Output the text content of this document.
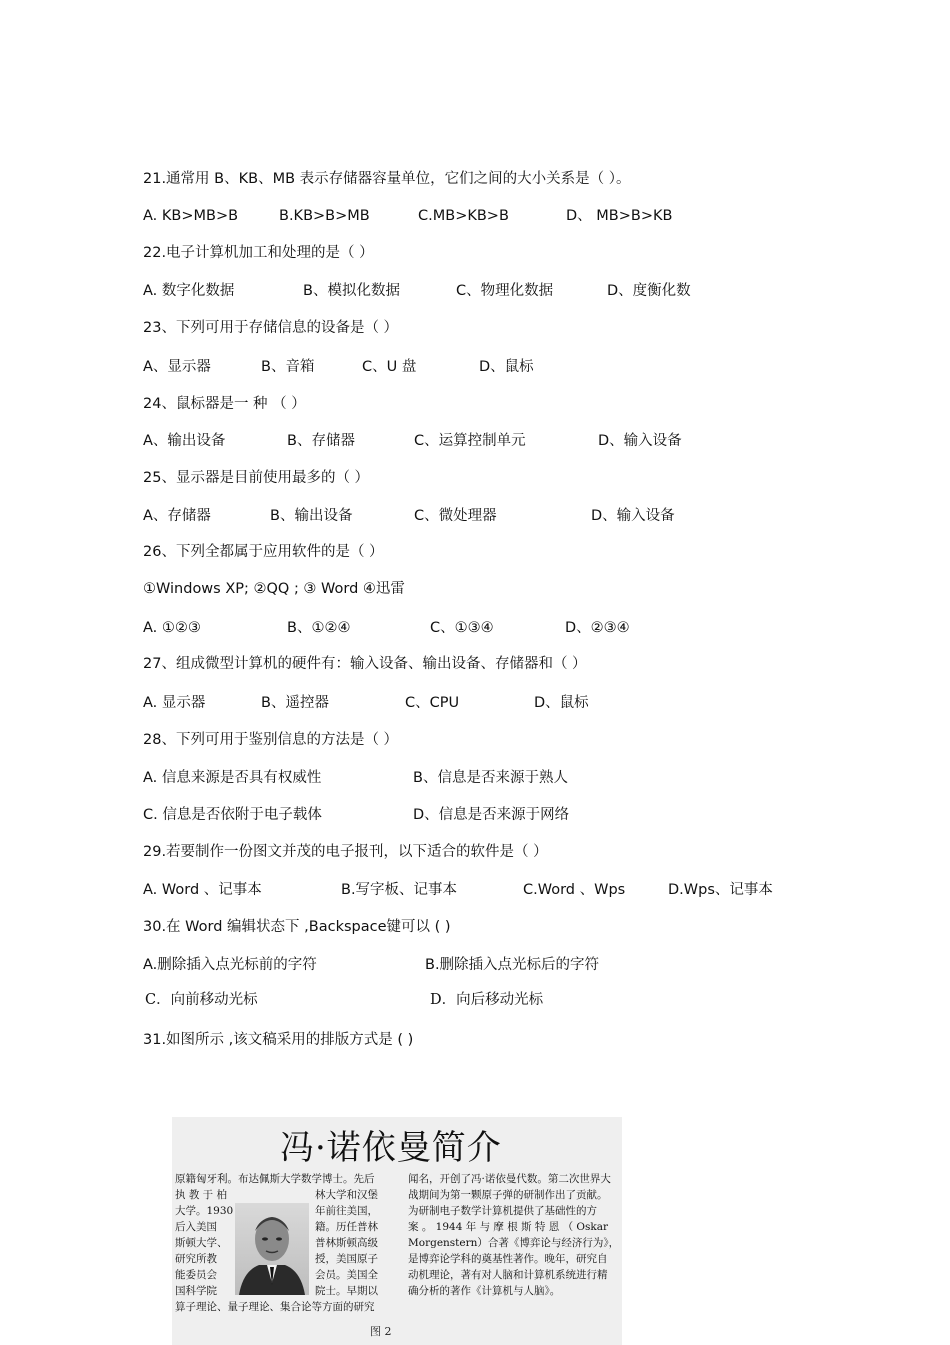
21.通常用 B、KB、MB 表示存储器容量单位，它们之间的大小关系是（ ）。
A. KB>MB>B	B.KB>B>MB	C.MB>KB>B	D、 MB>B>KB
22.电子计算机加工和处理的是（ ）
A. 数字化数据	B、模拟化数据	C、物理化数据	D、度衡化数
23、下列可用于存储信息的设备是（ ）
A、显示器	B、音箱	C、U 盘	D、鼠标
24、鼠标器是一 种 （ ）
A、输出设备	B、存储器	C、运算控制单元	D、输入设备
25、显示器是目前使用最多的（ ）
A、存储器	B、输出设备	C、微处理器	D、输入设备
26、下列全都属于应用软件的是（ ）
①Windows XP; ②QQ ; ③ Word ④迅雷
A. ①②③	B、①②④	C、①③④	D、②③④
27、组成微型计算机的硬件有：输入设备、输出设备、存储器和（ ）
A. 显示器	B、遥控器	C、CPU	D、鼠标
28、下列可用于鉴别信息的方法是（ ）
A. 信息来源是否具有权威性	B、信息是否来源于熟人
C. 信息是否依附于电子载体	D、信息是否来源于网络
29.若要制作一份图文并茂的电子报刊，以下适合的软件是（ ）
A. Word 、记事本	B.写字板、记事本	C.Word 、Wps	D.Wps、记事本
30.在 Word 编辑状态下 ,Backspace键可以 ( )
A.删除插入点光标前的字符	B.删除插入点光标后的字符
C．向前移动光标	D．向后移动光标
31.如图所示 ,该文稿采用的排版方式是 ( )
冯·诺依曼简介
原籍匈牙利。布达佩斯大学数学博士。先后
执 教 于 柏
大学。1930
后入美国
斯顿大学、
研究所教
能委员会
国科学院
算子理论、量子理论、集合论等方面的研究
林大学和汉堡
年前往美国，
籍。历任普林
普林斯顿高级
授，美国原子
会员。美国全
院士。早期以
闻名，开创了冯·诺依曼代数。第二次世界大
战期间为第一颗原子弹的研制作出了贡献。
为研制电子数学计算机提供了基础性的方
案 。 1944 年 与 摩 根 斯 特 恩 （ Oskar
Morgenstern）合著《博弈论与经济行为》，
是博弈论学科的奠基性著作。晚年，研究自
动机理论，著有对人脑和计算机系统进行精
确分析的著作《计算机与人脑》。
图 2
